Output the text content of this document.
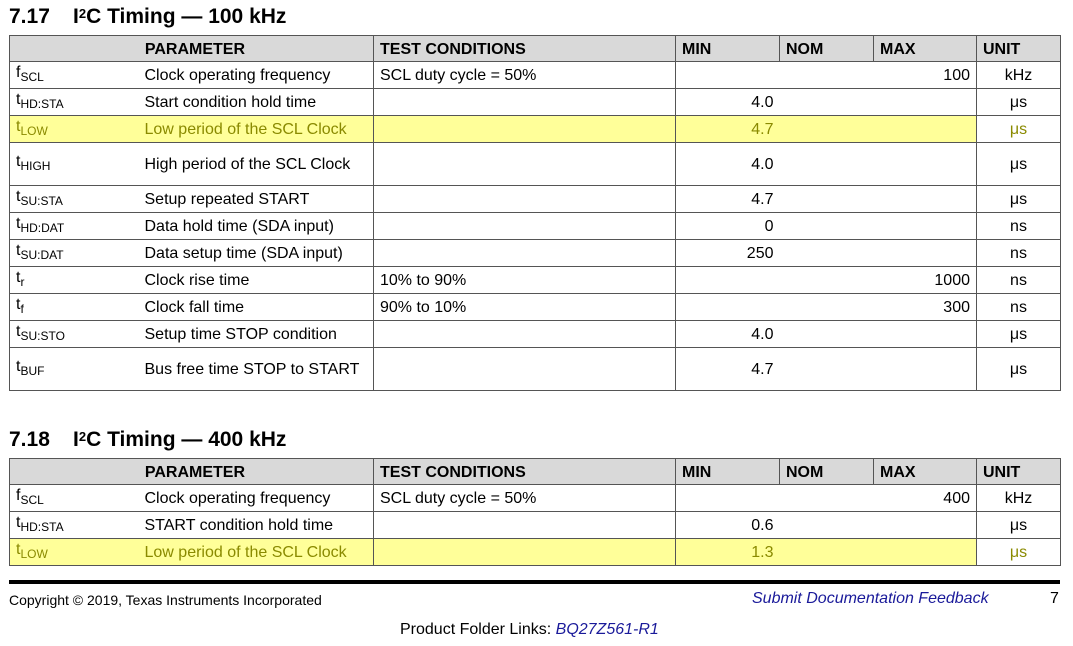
7.17 $I^2C$ Timing — 100 kHz
PARAMETER		TEST CONDITIONS	MIN	NOM	MAX	UNIT
$f_{SCL}$	Clock operating frequency	SCL duty cycle = 50%			100	kHz
$t_{HD:STA}$	Start condition hold time		4.0			μs
$t_{LOW}$	Low period of the SCL Clock		4.7			μs
$t_{HIGH}$	High period of the SCL Clock		4.0			μs
$t_{SU:STA}$	Setup repeated START		4.7			μs
$t_{HD:DAT}$	Data hold time (SDA input)		0			ns
$t_{SU:DAT}$	Data setup time (SDA input)		250			ns
$t_r$	Clock rise time	10% to 90%			1000	ns
$t_f$	Clock fall time	90% to 10%			300	ns
$t_{SU:STO}$	Setup time STOP condition		4.0			μs
$t_{BUF}$	Bus free time STOP to START		4.7			μs
7.18 $I^2C$ Timing — 400 kHz
PARAMETER		TEST CONDITIONS	MIN	NOM	MAX	UNIT
$f_{SCL}$	Clock operating frequency	SCL duty cycle = 50%			400	kHz
$t_{HD:STA}$	START condition hold time		0.6			μs
$t_{LOW}$	Low period of the SCL Clock		1.3			μs
Copyright © 2019, Texas Instruments Incorporated	Submit Documentation Feedback	7
Product Folder Links: BQ27Z561-R1
